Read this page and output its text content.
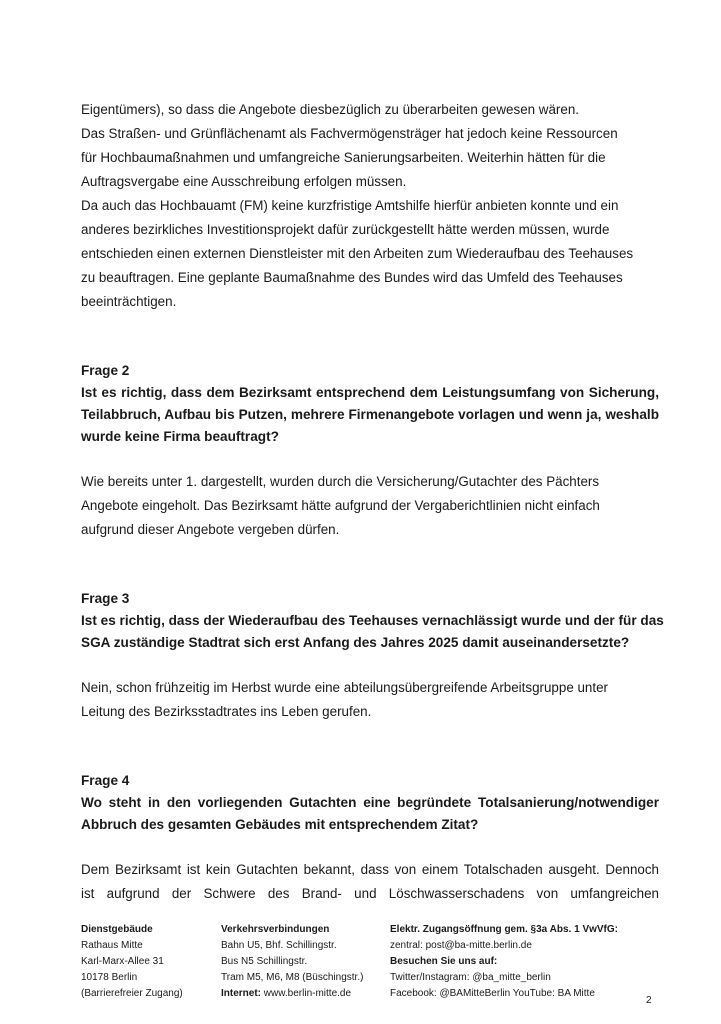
Eigentümers), so dass die Angebote diesbezüglich zu überarbeiten gewesen wären.
Das Straßen- und Grünflächenamt als Fachvermögensträger hat jedoch keine Ressourcen
für Hochbaumaßnahmen und umfangreiche Sanierungsarbeiten. Weiterhin hätten für die
Auftragsvergabe eine Ausschreibung erfolgen müssen.
Da auch das Hochbauamt (FM) keine kurzfristige Amtshilfe hierfür anbieten konnte und ein
anderes bezirkliches Investitionsprojekt dafür zurückgestellt hätte werden müssen, wurde
entschieden einen externen Dienstleister mit den Arbeiten zum Wiederaufbau des Teehauses
zu beauftragen. Eine geplante Baumaßnahme des Bundes wird das Umfeld des Teehauses
beeinträchtigen.

Frage 2

Ist es richtig, dass dem Bezirksamt entsprechend dem Leistungsumfang von Sicherung,
Teilabbruch, Aufbau bis Putzen, mehrere Firmenangebote vorlagen und wenn ja, weshalb
wurde keine Firma beauftragt?

Wie bereits unter 1. dargestellt, wurden durch die Versicherung/Gutachter des Pächters
Angebote eingeholt. Das Bezirksamt hätte aufgrund der Vergaberichtlinien nicht einfach
aufgrund dieser Angebote vergeben dürfen.

Frage 3

Ist es richtig, dass der Wiederaufbau des Teehauses vernachlässigt wurde und der für das
SGA zuständige Stadtrat sich erst Anfang des Jahres 2025 damit auseinandersetzte?

Nein, schon frühzeitig im Herbst wurde eine abteilungsübergreifende Arbeitsgruppe unter
Leitung des Bezirksstadtrates ins Leben gerufen.

Frage 4

Wo steht in den vorliegenden Gutachten eine begründete Totalsanierung/notwendiger
Abbruch des gesamten Gebäudes mit entsprechendem Zitat?

Dem Bezirksamt ist kein Gutachten bekannt, dass von einem Totalschaden ausgeht. Dennoch
ist aufgrund der Schwere des Brand- und Löschwasserschadens von umfangreichen

Dienstgebäude
Rathaus Mitte
Karl-Marx-Allee 31
10178 Berlin
(Barrierefreier Zugang)
Verkehrsverbindungen
Bahn U5, Bhf. Schillingstr.
Bus N5 Schillingstr.
Tram M5, M6, M8 (Büschingstr.)
Internet: www.berlin-mitte.de
Elektr. Zugangsöffnung gem. §3a Abs. 1 VwVfG:
zentral: post@ba-mitte.berlin.de
Besuchen Sie uns auf:
Twitter/Instagram: @ba_mitte_berlin
Facebook: @BAMitteBerlin YouTube: BA Mitte
2
